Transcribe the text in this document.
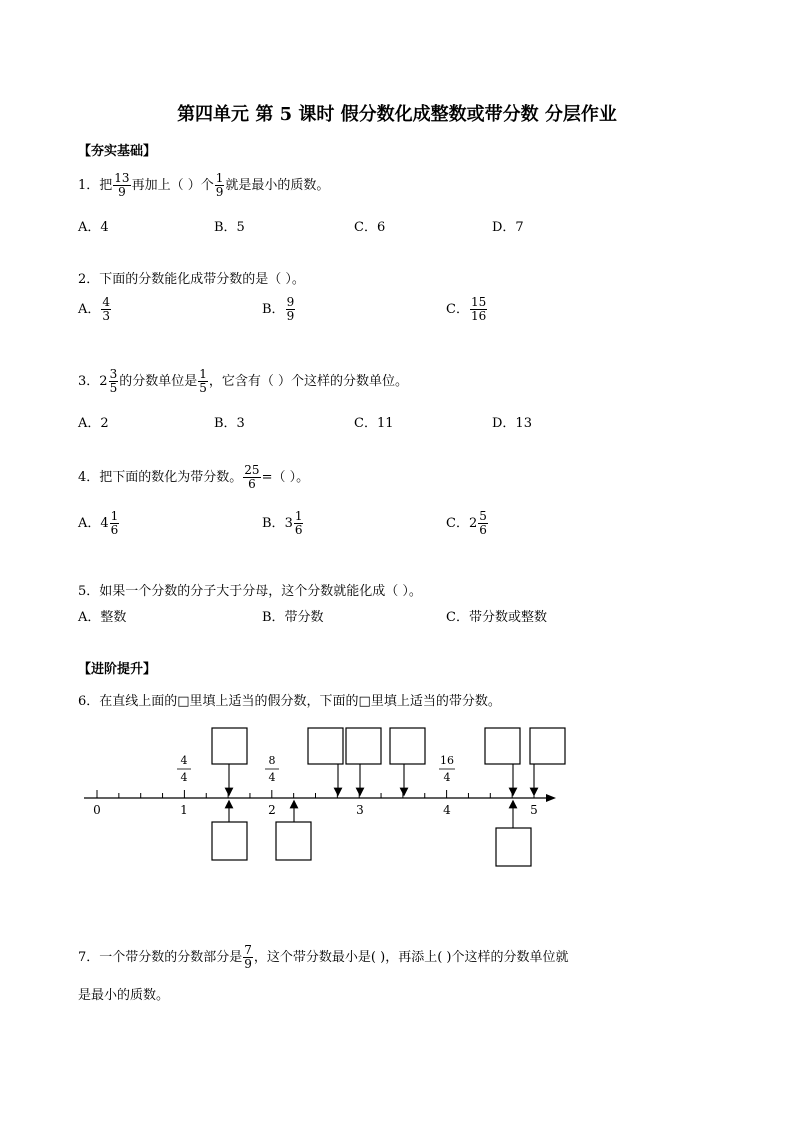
第四单元 第 5 课时 假分数化成整数或带分数 分层作业
【夯实基础】
1．把 $\frac{13}{9}$ 再加上（ ）个 $\frac{1}{9}$ 就是最小的质数。
A．4	B．5	C．6	D．7
2．下面的分数能化成带分数的是（ ）。
A． $\frac{4}{3}$	B． $\frac{9}{9}$	C． $\frac{15}{16}$
3．$2 \frac{3}{5}$ 的分数单位是 $\frac{1}{5}$ ，它含有（ ）个这样的分数单位。
A．2	B．3	C．11	D．13
4．把下面的数化为带分数。 $\frac{25}{6}$ =（ ）。
A．$4 \frac{1}{6}$	B．$3 \frac{1}{6}$	C．$2 \frac{5}{6}$
5．如果一个分数的分子大于分母，这个分数就能化成（ ）。
A．整数	B．带分数	C．带分数或整数
【进阶提升】
6．在直线上面的□里填上适当的假分数，下面的□里填上适当的带分数。
0	1	2	3	4	5
4
4
8
4
16
4
7．一个带分数的分数部分是 $\frac{7}{9}$ ，这个带分数最小是( )，再添上( )个这样的分数单位就
是最小的质数。
